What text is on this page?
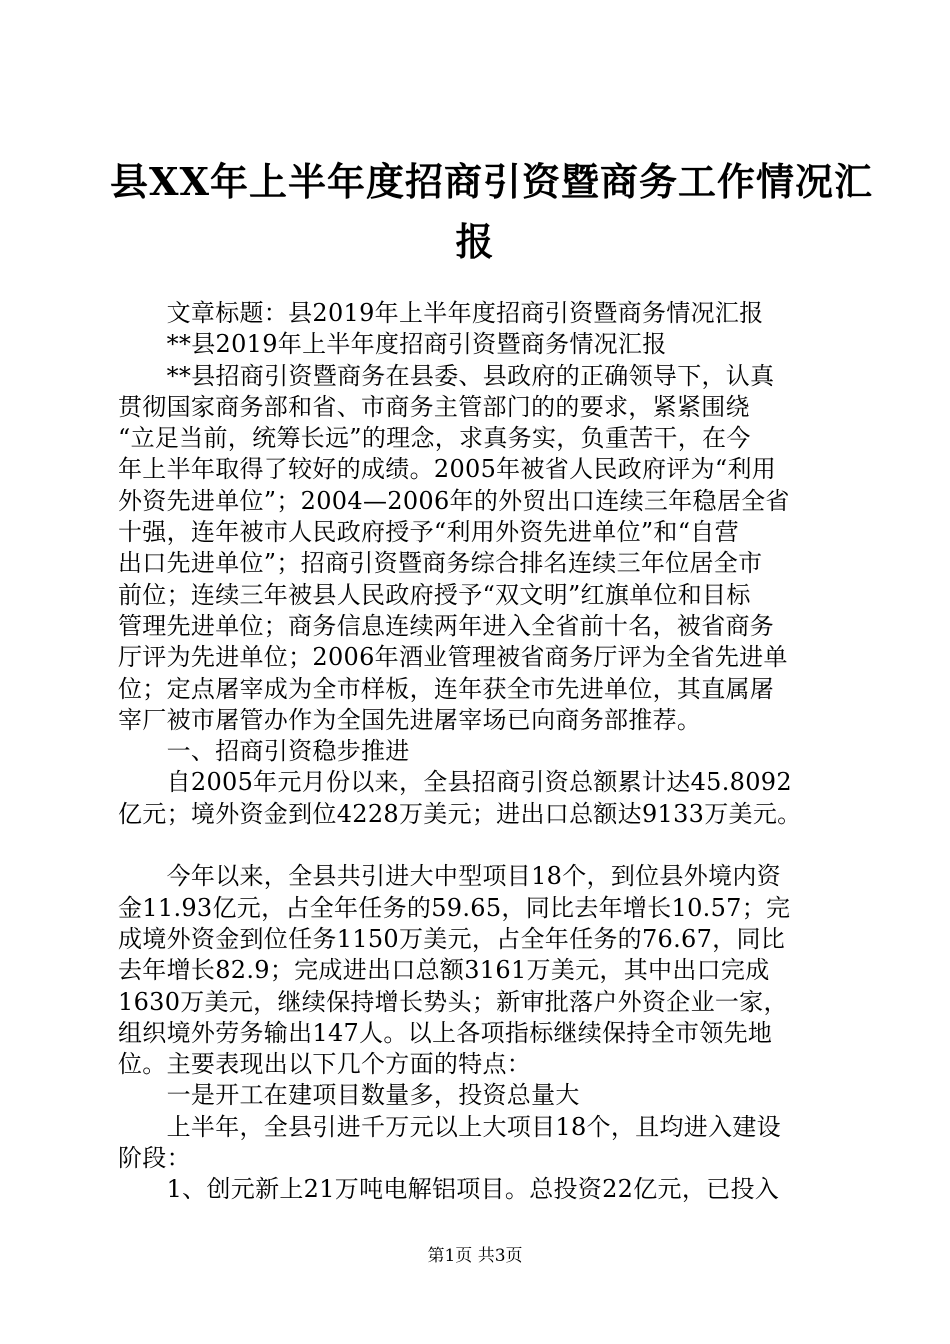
县XX年上半年度招商引资暨商务工作情况汇
报
　　文章标题：县2019年上半年度招商引资暨商务情况汇报
　　**县2019年上半年度招商引资暨商务情况汇报
　　**县招商引资暨商务在县委、县政府的正确领导下，认真
贯彻国家商务部和省、市商务主管部门的的要求，紧紧围绕
“立足当前，统筹长远”的理念，求真务实，负重苦干，在今
年上半年取得了较好的成绩。2005年被省人民政府评为“利用
外资先进单位”；2004—2006年的外贸出口连续三年稳居全省
十强，连年被市人民政府授予“利用外资先进单位”和“自营
出口先进单位”；招商引资暨商务综合排名连续三年位居全市
前位；连续三年被县人民政府授予“双文明”红旗单位和目标
管理先进单位；商务信息连续两年进入全省前十名，被省商务
厅评为先进单位；2006年酒业管理被省商务厅评为全省先进单
位；定点屠宰成为全市样板，连年获全市先进单位，其直属屠
宰厂被市屠管办作为全国先进屠宰场已向商务部推荐。
　　一、招商引资稳步推进
　　自2005年元月份以来，全县招商引资总额累计达45.8092
亿元；境外资金到位4228万美元；进出口总额达9133万美元。
　　今年以来，全县共引进大中型项目18个，到位县外境内资
金11.93亿元，占全年任务的59.65，同比去年增长10.57；完
成境外资金到位任务1150万美元，占全年任务的76.67，同比
去年增长82.9；完成进出口总额3161万美元，其中出口完成
1630万美元，继续保持增长势头；新审批落户外资企业一家，
组织境外劳务输出147人。以上各项指标继续保持全市领先地
位。主要表现出以下几个方面的特点：
　　一是开工在建项目数量多，投资总量大
　　上半年，全县引进千万元以上大项目18个，且均进入建设
阶段：
　　1、创元新上21万吨电解铝项目。总投资22亿元，已投入
第1页 共3页
